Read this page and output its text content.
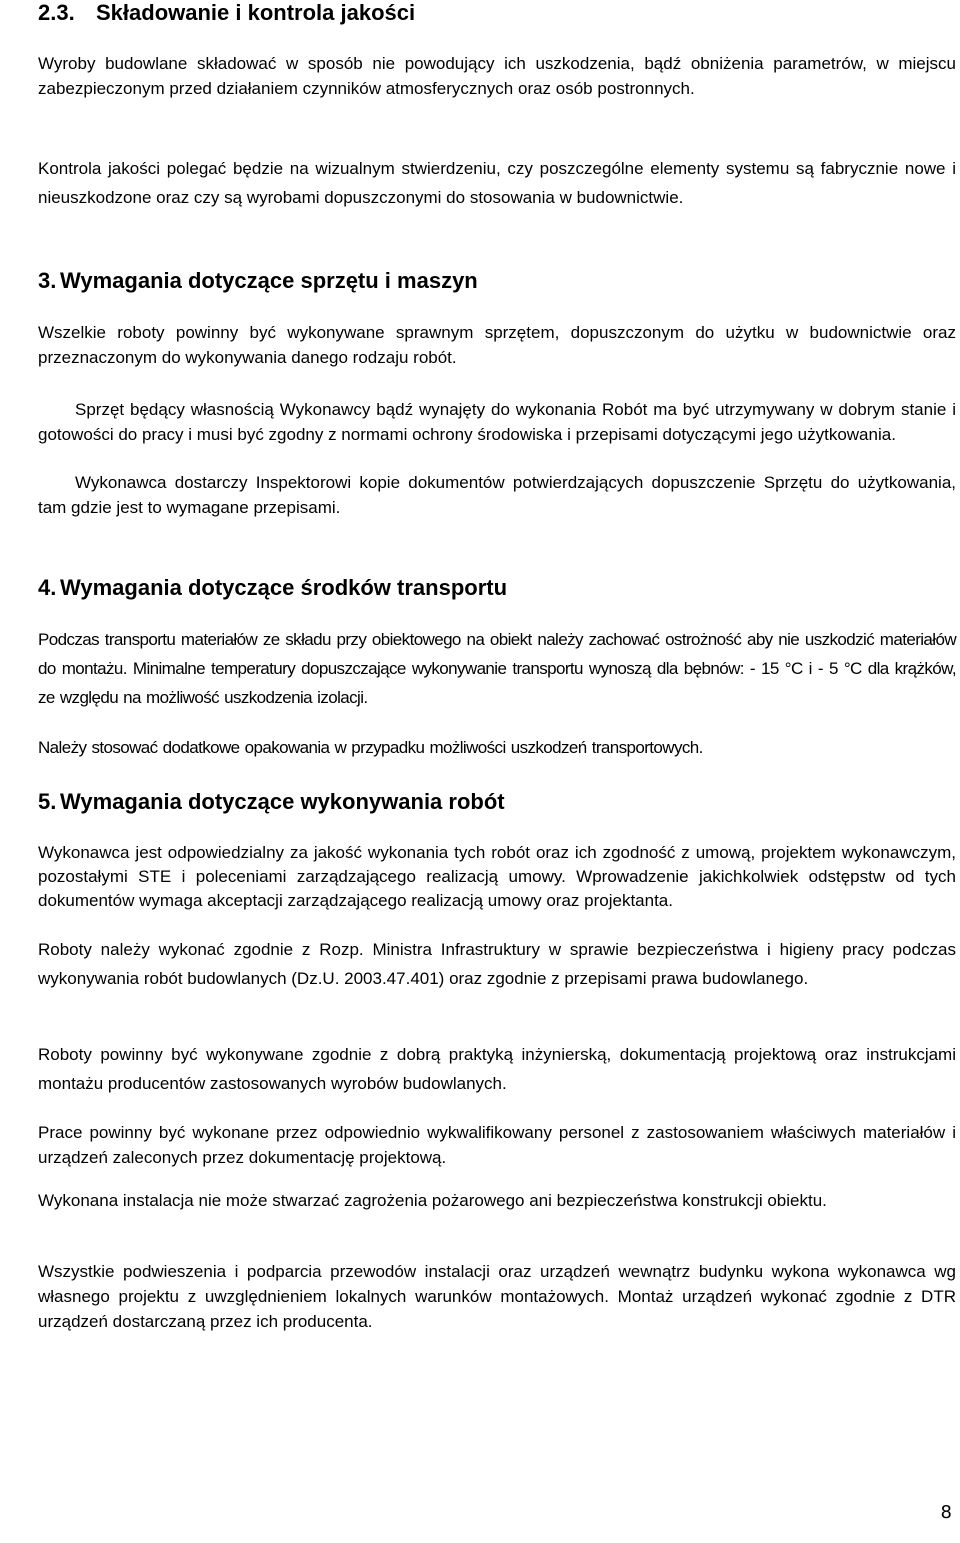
2.3. Składowanie i kontrola jakości

Wyroby budowlane składować w sposób nie powodujący ich uszkodzenia, bądź obniżenia parametrów, w miejscu zabezpieczonym przed działaniem czynników atmosferycznych oraz osób postronnych.

Kontrola jakości polegać będzie na wizualnym stwierdzeniu, czy poszczególne elementy systemu są fabrycznie nowe i nieuszkodzone oraz czy są wyrobami dopuszczonymi do stosowania w budownictwie.

3. Wymagania dotyczące sprzętu i maszyn

Wszelkie roboty powinny być wykonywane sprawnym sprzętem, dopuszczonym do użytku w budownictwie oraz przeznaczonym do wykonywania danego rodzaju robót.

Sprzęt będący własnością Wykonawcy bądź wynajęty do wykonania Robót ma być utrzymywany w dobrym stanie i gotowości do pracy i musi być zgodny z normami ochrony środowiska i przepisami dotyczącymi jego użytkowania.

Wykonawca dostarczy Inspektorowi kopie dokumentów potwierdzających dopuszczenie Sprzętu do użytkowania, tam gdzie jest to wymagane przepisami.

4. Wymagania dotyczące środków transportu

Podczas transportu materiałów ze składu przy obiektowego na obiekt należy zachować ostrożność aby nie uszkodzić materiałów do montażu. Minimalne temperatury dopuszczające wykonywanie transportu wynoszą dla bębnów: - 15 °C i - 5 °C dla krążków, ze względu na możliwość uszkodzenia izolacji.

Należy stosować dodatkowe opakowania w przypadku możliwości uszkodzeń transportowych.

5. Wymagania dotyczące wykonywania robót

Wykonawca jest odpowiedzialny za jakość wykonania tych robót oraz ich zgodność z umową, projektem wykonawczym, pozostałymi STE i poleceniami zarządzającego realizacją umowy. Wprowadzenie jakichkolwiek odstępstw od tych dokumentów wymaga akceptacji zarządzającego realizacją umowy oraz projektanta.

Roboty należy wykonać zgodnie z Rozp. Ministra Infrastruktury w sprawie bezpieczeństwa i higieny pracy podczas wykonywania robót budowlanych (Dz.U. 2003.47.401) oraz zgodnie z przepisami prawa budowlanego.

Roboty powinny być wykonywane zgodnie z dobrą praktyką inżynierską, dokumentacją projektową oraz instrukcjami montażu producentów zastosowanych wyrobów budowlanych.

Prace powinny być wykonane przez odpowiednio wykwalifikowany personel z zastosowaniem właściwych materiałów i urządzeń zaleconych przez dokumentację projektową.

Wykonana instalacja nie może stwarzać zagrożenia pożarowego ani bezpieczeństwa konstrukcji obiektu.

Wszystkie podwieszenia i podparcia przewodów instalacji oraz urządzeń wewnątrz budynku wykona wykonawca wg własnego projektu z uwzględnieniem lokalnych warunków montażowych. Montaż urządzeń wykonać zgodnie z DTR urządzeń dostarczaną przez ich producenta.

8
